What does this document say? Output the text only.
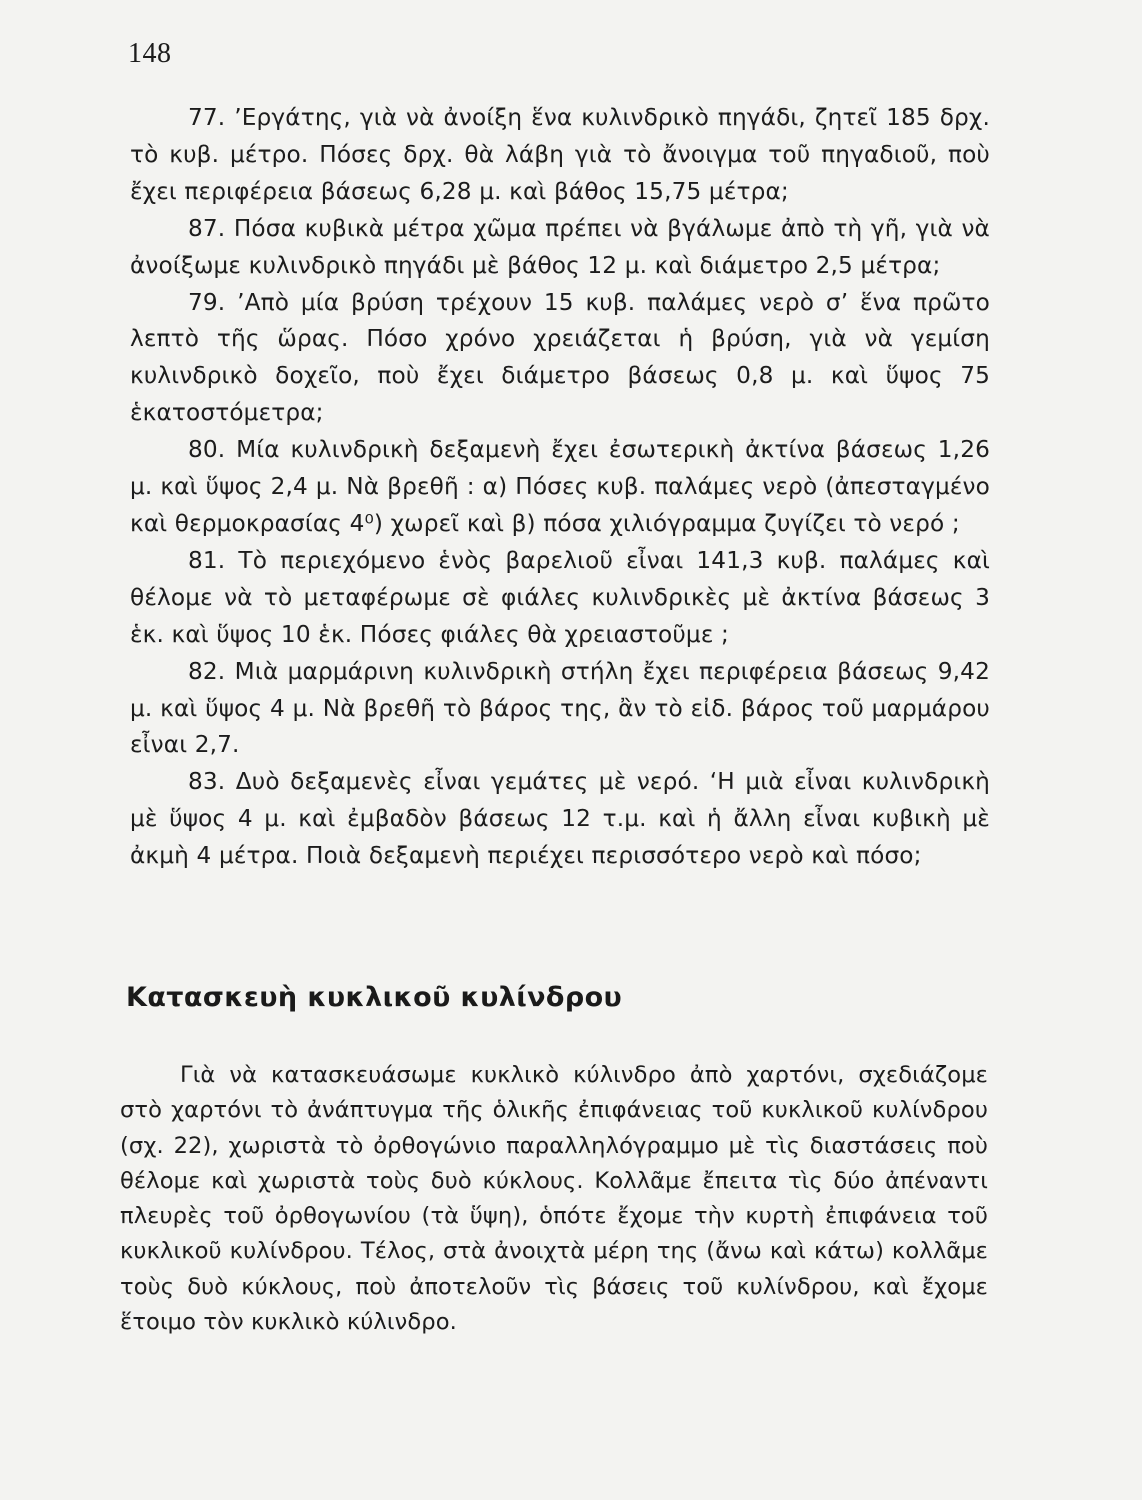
148

77. ’Εργάτης, γιὰ νὰ ἀνοίξη ἕνα κυλινδρικὸ πηγάδι, ζητεῖ 185 δρχ. τὸ κυβ. μέτρο. Πόσες δρχ. θὰ λάβη γιὰ τὸ ἄνοιγμα τοῦ πηγαδιοῦ, ποὺ ἔχει περιφέρεια βάσεως 6,28 μ. καὶ βάθος 15,75 μέτρα;

87. Πόσα κυβικὰ μέτρα χῶμα πρέπει νὰ βγάλωμε ἀπὸ τὴ γῆ, γιὰ νὰ ἀνοίξωμε κυλινδρικὸ πηγάδι μὲ βάθος 12 μ. καὶ διάμετρο 2,5 μέτρα;

79. ’Απὸ μία βρύση τρέχουν 15 κυβ. παλάμες νερὸ σ’ ἕνα πρῶτο λεπτὸ τῆς ὥρας. Πόσο χρόνο χρειάζεται ἡ βρύση, γιὰ νὰ γεμίση κυλινδρικὸ δοχεῖο, ποὺ ἔχει διάμετρο βάσεως 0,8 μ. καὶ ὕψος 75 ἑκατοστόμετρα;

80. Μία κυλινδρικὴ δεξαμενὴ ἔχει ἐσωτερικὴ ἀκτίνα βάσεως 1,26 μ. καὶ ὕψος 2,4 μ. Νὰ βρεθῆ : α) Πόσες κυβ. παλάμες νερὸ (ἀπεσταγμένο καὶ θερμοκρασίας 4⁰) χωρεῖ καὶ β) πόσα χιλιόγραμμα ζυγίζει τὸ νερό ;

81. Τὸ περιεχόμενο ἑνὸς βαρελιοῦ εἶναι 141,3 κυβ. παλάμες καὶ θέλομε νὰ τὸ μεταφέρωμε σὲ φιάλες κυλινδρικὲς μὲ ἀκτίνα βάσεως 3 ἑκ. καὶ ὕψος 10 ἑκ. Πόσες φιάλες θὰ χρειαστοῦμε ;

82. Μιὰ μαρμάρινη κυλινδρικὴ στήλη ἔχει περιφέρεια βάσεως 9,42 μ. καὶ ὕψος 4 μ. Νὰ βρεθῆ τὸ βάρος της, ἂν τὸ εἰδ. βάρος τοῦ μαρμάρου εἶναι 2,7.

83. Δυὸ δεξαμενὲς εἶναι γεμάτες μὲ νερό. ‘Η μιὰ εἶναι κυλινδρικὴ μὲ ὕψος 4 μ. καὶ ἐμβαδὸν βάσεως 12 τ.μ. καὶ ἡ ἄλλη εἶναι κυβικὴ μὲ ἀκμὴ 4 μέτρα. Ποιὰ δεξαμενὴ περιέχει περισσότερο νερὸ καὶ πόσο;

Κατασκευὴ κυκλικοῦ κυλίνδρου

Γιὰ νὰ κατασκευάσωμε κυκλικὸ κύλινδρο ἀπὸ χαρτόνι, σχεδιάζομε στὸ χαρτόνι τὸ ἀνάπτυγμα τῆς ὁλικῆς ἐπιφάνειας τοῦ κυκλικοῦ κυλίνδρου (σχ. 22), χωριστὰ τὸ ὀρθογώνιο παραλληλόγραμμο μὲ τὶς διαστάσεις ποὺ θέλομε καὶ χωριστὰ τοὺς δυὸ κύκλους. Κολλᾶμε ἔπειτα τὶς δύο ἀπέναντι πλευρὲς τοῦ ὀρθογωνίου (τὰ ὕψη), ὁπότε ἔχομε τὴν κυρτὴ ἐπιφάνεια τοῦ κυκλικοῦ κυλίνδρου. Τέλος, στὰ ἀνοιχτὰ μέρη της (ἄνω καὶ κάτω) κολλᾶμε τοὺς δυὸ κύκλους, ποὺ ἀποτελοῦν τὶς βάσεις τοῦ κυλίνδρου, καὶ ἔχομε ἕτοιμο τὸν κυκλικὸ κύλινδρο.
